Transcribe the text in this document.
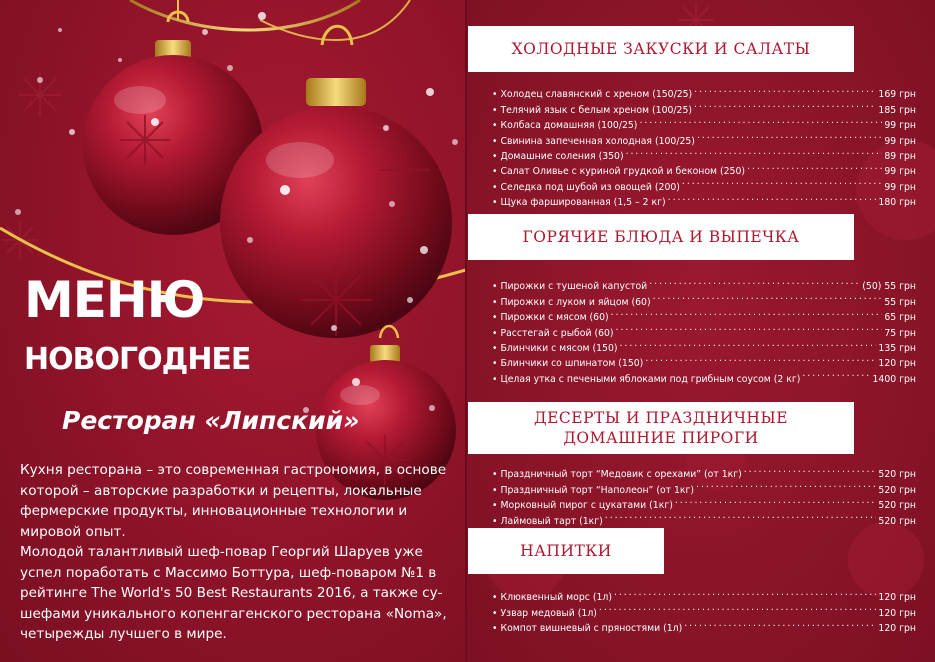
МЕНЮ
НОВОГОДНЕЕ
Ресторан «Липский»

Кухня ресторана – это современная гастрономия, в основе которой – авторские разработки и рецепты, локальные фермерские продукты, инновационные технологии и мировой опыт.

Молодой талантливый шеф-повар Георгий Шаруев уже успел поработать с Массимо Боттура, шеф-поваром №1 в рейтинге The World's 50 Best Restaurants 2016, а также су-шефами уникального копенгагенского ресторана «Noma», четырежды лучшего в мире.

ХОЛОДНЫЕ ЗАКУСКИ И САЛАТЫ
• Холодец славянский с хреном (150/25) . . .	169 грн
• Телячий язык с белым хреном (100/25) . . .	185 грн
• Колбаса домашняя (100/25) . . .	99 грн
• Свинина запеченная холодная (100/25) . . .	99 грн
• Домашние соления (350) . . .	89 грн
• Салат Оливье с куриной грудкой и беконом (250) . . .	99 грн
• Селедка под шубой из овощей (200) . . .	99 грн
• Щука фаршированная (1,5 – 2 кг) . . .	180 грн
ГОРЯЧИЕ БЛЮДА И ВЫПЕЧКА
• Пирожки с тушеной капустой . . .	(50) 55 грн
• Пирожки с луком и яйцом (60) . . .	55 грн
• Пирожки с мясом (60) . . .	65 грн
• Расстегай с рыбой (60) . . .	75 грн
• Блинчики с мясом (150) . . .	135 грн
• Блинчики со шпинатом (150) . . .	120 грн
• Целая утка с печеными яблоками под грибным соусом (2 кг) . . .	1400 грн
ДЕСЕРТЫ И ПРАЗДНИЧНЫЕ
ДОМАШНИЕ ПИРОГИ
• Праздничный торт “Медовик с орехами” (от 1кг) . . .	520 грн
• Праздничный торт “Наполеон” (от 1кг) . . .	520 грн
• Морковный пирог с цукатами (1кг) . . .	520 грн
• Лаймовый тарт (1кг) . . .	520 грн
НАПИТКИ
• Клюквенный морс (1л) . . .	120 грн
• Узвар медовый (1л) . . .	120 грн
• Компот вишневый с пряностями (1л) . . .	120 грн
